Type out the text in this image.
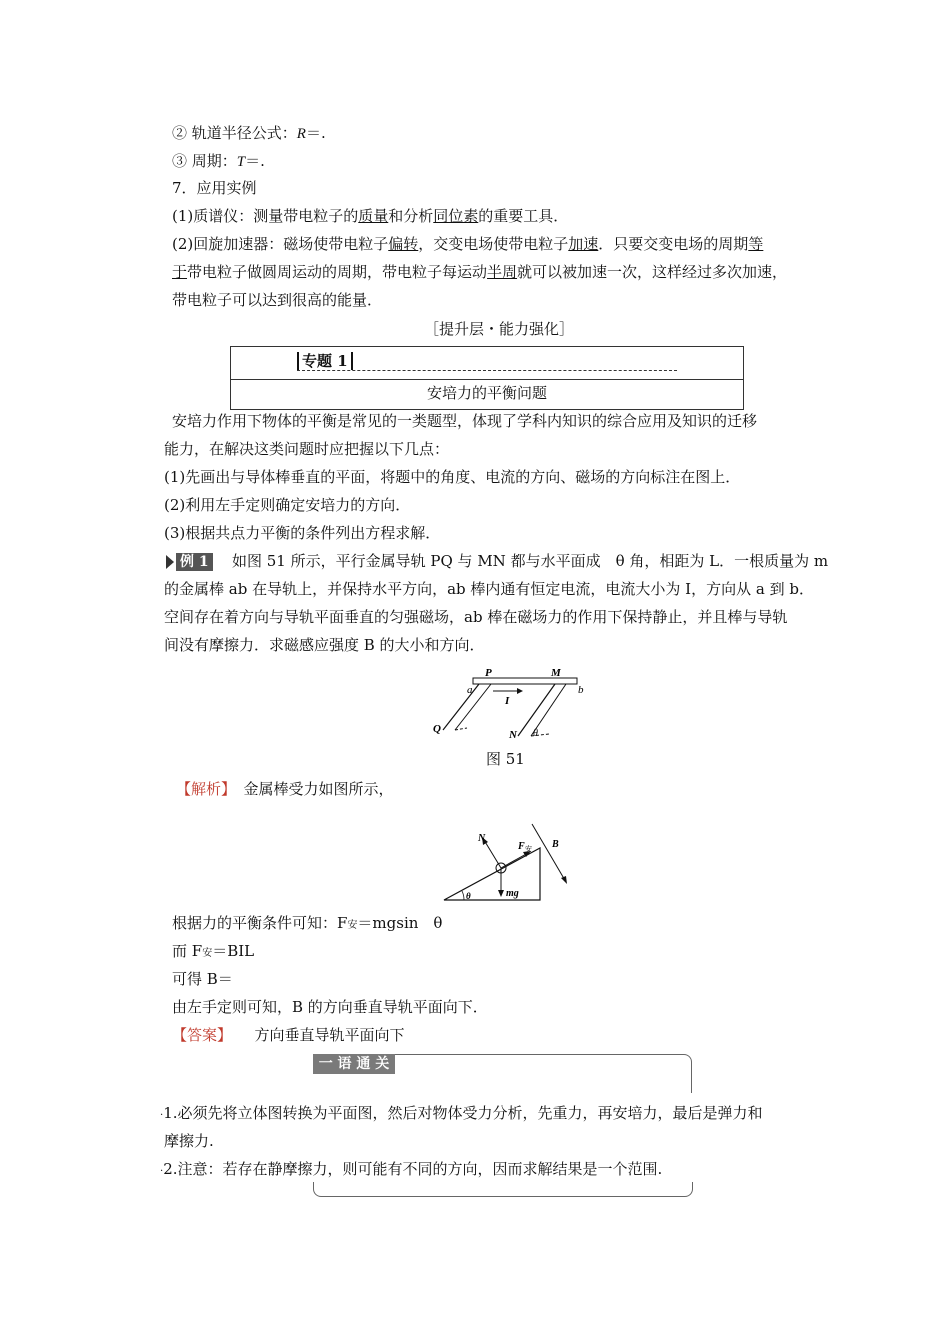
② 轨道半径公式：R＝.
③ 周期：T＝.
7．应用实例
(1)质谱仪：测量带电粒子的质量和分析同位素的重要工具．
(2)回旋加速器：磁场使带电粒子偏转，交变电场使带电粒子加速．只要交变电场的周期等
于带电粒子做圆周运动的周期，带电粒子每运动半周就可以被加速一次，这样经过多次加速，
带电粒子可以达到很高的能量．
［提升层・能力强化］
专题 1
安培力的平衡问题
安培力作用下物体的平衡是常见的一类题型，体现了学科内知识的综合应用及知识的迁移
能力，在解决这类问题时应把握以下几点：
(1)先画出与导体棒垂直的平面，将题中的角度、电流的方向、磁场的方向标注在图上．
(2)利用左手定则确定安培力的方向．
(3)根据共点力平衡的条件列出方程求解．
例 1 如图 51 所示，平行金属导轨 PQ 与 MN 都与水平面成　θ 角，相距为 L．一根质量为 m
的金属棒 ab 在导轨上，并保持水平方向，ab 棒内通有恒定电流，电流大小为 I，方向从 a 到 b．
空间存在着方向与导轨平面垂直的匀强磁场，ab 棒在磁场力的作用下保持静止，并且棒与导轨
间没有摩擦力．求磁感应强度 B 的大小和方向．
P	M
a	b
I
Q	N θ
图 51
【解析】　 金属棒受力如图所示，
N
F 安 B
mg
θ
根据力的平衡条件可知：F安＝mgsin　θ
而 F安＝BIL
可得 B＝
由左手定则可知，B 的方向垂直导轨平面向下．
【答案】　　 方向垂直导轨平面向下
一 语 通 关
.1.必须先将立体图转换为平面图，然后对物体受力分析，先重力，再安培力，最后是弹力和
摩擦力.
.2.注意：若存在静摩擦力，则可能有不同的方向，因而求解结果是一个范围.
